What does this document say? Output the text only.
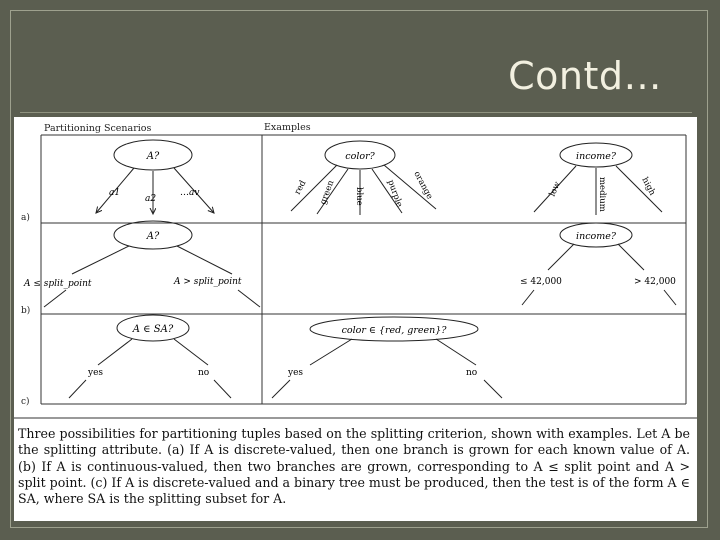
Contd…
Partitioning Scenarios	Examples
a)
b)
c)
A?
a1
a2
…av
color?
red green blue purple orange
income?
low	medium	high
A?
A ≤ split_point	A > split_point
income?
≤ 42,000	> 42,000
A ∈ SA?
yes	no
color ∈ {red, green}?
yes	no
Three possibilities for partitioning tuples based on the splitting criterion, shown with examples. Let A be the splitting attribute. (a) If A is discrete-valued, then one branch is grown for each known value of A. (b) If A is continuous-valued, then two branches are grown, corresponding to A ≤ split point and A > split point. (c) If A is discrete-valued and a binary tree must be produced, then the test is of the form A ∈ SA, where SA is the splitting subset for A.
